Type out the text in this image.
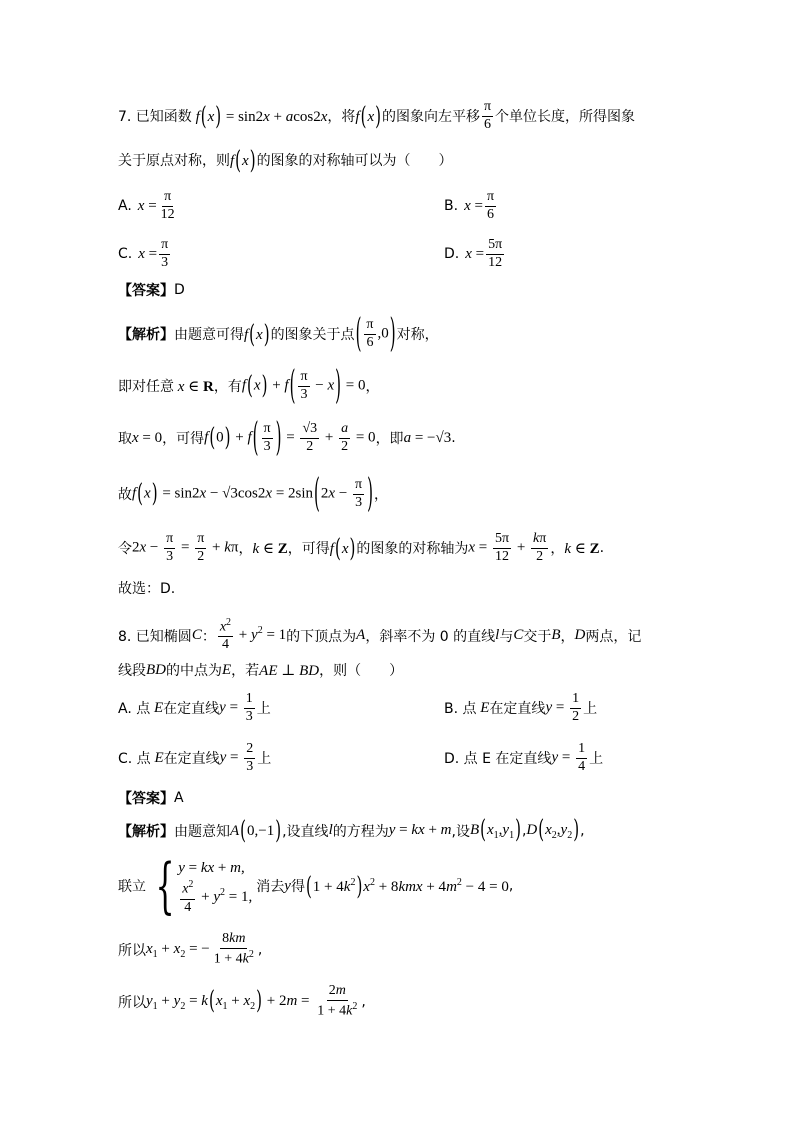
7. 已知函数 f(x) = sin2x + acos2x ，将 f(x) 的图象向左平移 $\frac{\pi}{6}$ 个单位长度，所得图象
关于原点对称，则 f(x) 的图象的对称轴可以为（　　）
A. $x = \frac{\pi}{12}$	B. $x = \frac{\pi}{6}$
C. $x = \frac{\pi}{3}$	D. $x = \frac{5\pi}{12}$
【答案】 D
【解析】 由题意可得 f(x) 的图象关于点 ( $\frac{\pi}{6} ,0$) 对称，
即对任意 x ∈ R ，有 $f(x) + f( \frac{\pi}{3} - x) = 0$ ，
取 x = 0 ，可得 $f(0) + f( \frac{\pi}{3}$ ) = $\frac{√3}{2} + \frac{a}{2} = 0$ ，即 a = −√3 .
故 $f(x) = \sin 2x - √3\cos 2x = 2\sin(2x - \frac{\pi}{3}$ ) ，
令 $2x - \frac{\pi}{3} = \frac{\pi}{2} + k\pi$ ， k ∈ Z ，可得 f(x) 的图象的对称轴为 $x = \frac{5\pi}{12} + \frac{k\pi}{2}$ ， k ∈ Z .
故选：D.
8. 已知椭圆 C ： $\frac{x^2}{4} + y^2 = 1$ 的下顶点为 A ，斜率不为 0 的直线 l 与 C 交于 B ， D 两点，记
线段 BD 的中点为 E ，若 AE ⊥ BD ，则（　　）
A. 点 E 在定直线 $y = \frac{1}{3}$ 上	B. 点 E 在定直线 $y = \frac{1}{2}$ 上
C. 点 E 在定直线 $y = \frac{2}{3}$ 上	D. 点 E 在定直线 $y = \frac{1}{4}$ 上
【答案】 A
【解析】 由题意知 A(0,−1) ,设直线 l 的方程为 y = kx + m ,设 $B(x_1,y_1)$ , $D(x_2,y_2)$ ,
联立 { y = kx + m,
$\frac{x^2}{4} + y^2 = 1$,
消去 y 得 $(1 + 4k^2)x^2 + 8kmx + 4m^2 - 4 = 0$ ,
所以 $x_1 + x_2$ = − $\frac{8km}{1 + 4k^2}$ ,
所以 $y_1 + y_2 = k(x_1 + x_2) + 2m = \frac{2m}{1 + 4k^2}$ ,
